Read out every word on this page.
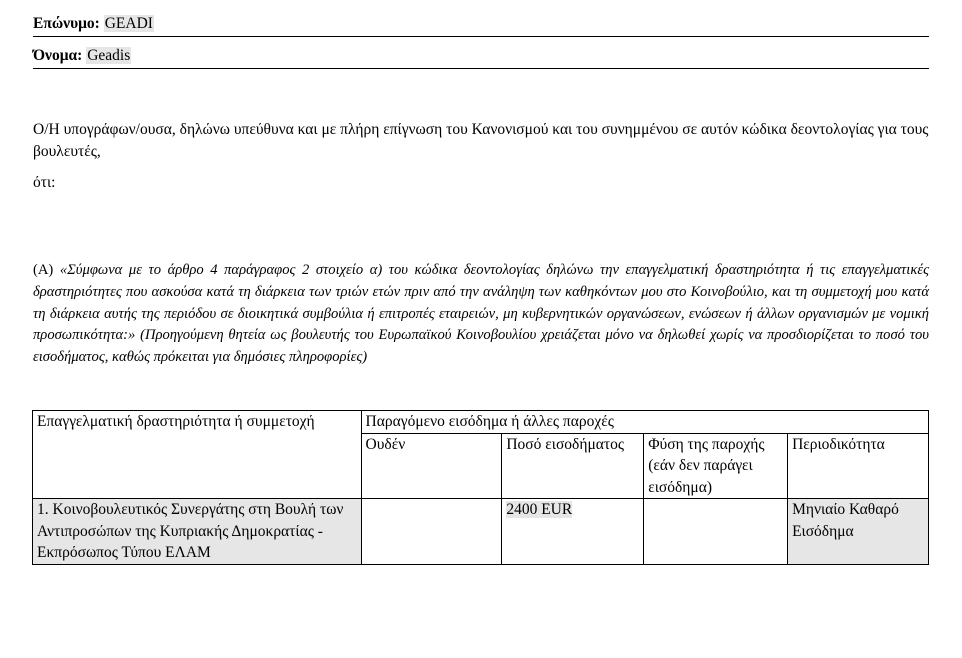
Επώνυμο: GEADI
Όνομα: Geadis
Ο/Η υπογράφων/ουσα, δηλώνω υπεύθυνα και με πλήρη επίγνωση του Κανονισμού και του συνημμένου σε αυτόν κώδικα δεοντολογίας για τους βουλευτές,
ότι:
(A) «Σύμφωνα με το άρθρο 4 παράγραφος 2 στοιχείο α) του κώδικα δεοντολογίας δηλώνω την επαγγελματική δραστηριότητα ή τις επαγγελματικές δραστηριότητες που ασκούσα κατά τη διάρκεια των τριών ετών πριν από την ανάληψη των καθηκόντων μου στο Κοινοβούλιο, και τη συμμετοχή μου κατά τη διάρκεια αυτής της περιόδου σε διοικητικά συμβούλια ή επιτροπές εταιρειών, μη κυβερνητικών οργανώσεων, ενώσεων ή άλλων οργανισμών με νομική προσωπικότητα:» (Προηγούμενη θητεία ως βουλευτής του Ευρωπαϊκού Κοινοβουλίου χρειάζεται μόνο να δηλωθεί χωρίς να προσδιορίζεται το ποσό του εισοδήματος, καθώς πρόκειται για δημόσιες πληροφορίες)
Επαγγελματική δραστηριότητα ή συμμετοχή	Παραγόμενο εισόδημα ή άλλες παροχές			
	Ουδέν	Ποσό εισοδήματος	Φύση της παροχής (εάν δεν παράγει εισόδημα)	Περιοδικότητα
1. Κοινοβουλευτικός Συνεργάτης στη Βουλή των Αντιπροσώπων της Κυπριακής Δημοκρατίας - Εκπρόσωπος Τύπου ΕΛΑΜ		2400 EUR		Μηνιαίο Καθαρό Εισόδημα
